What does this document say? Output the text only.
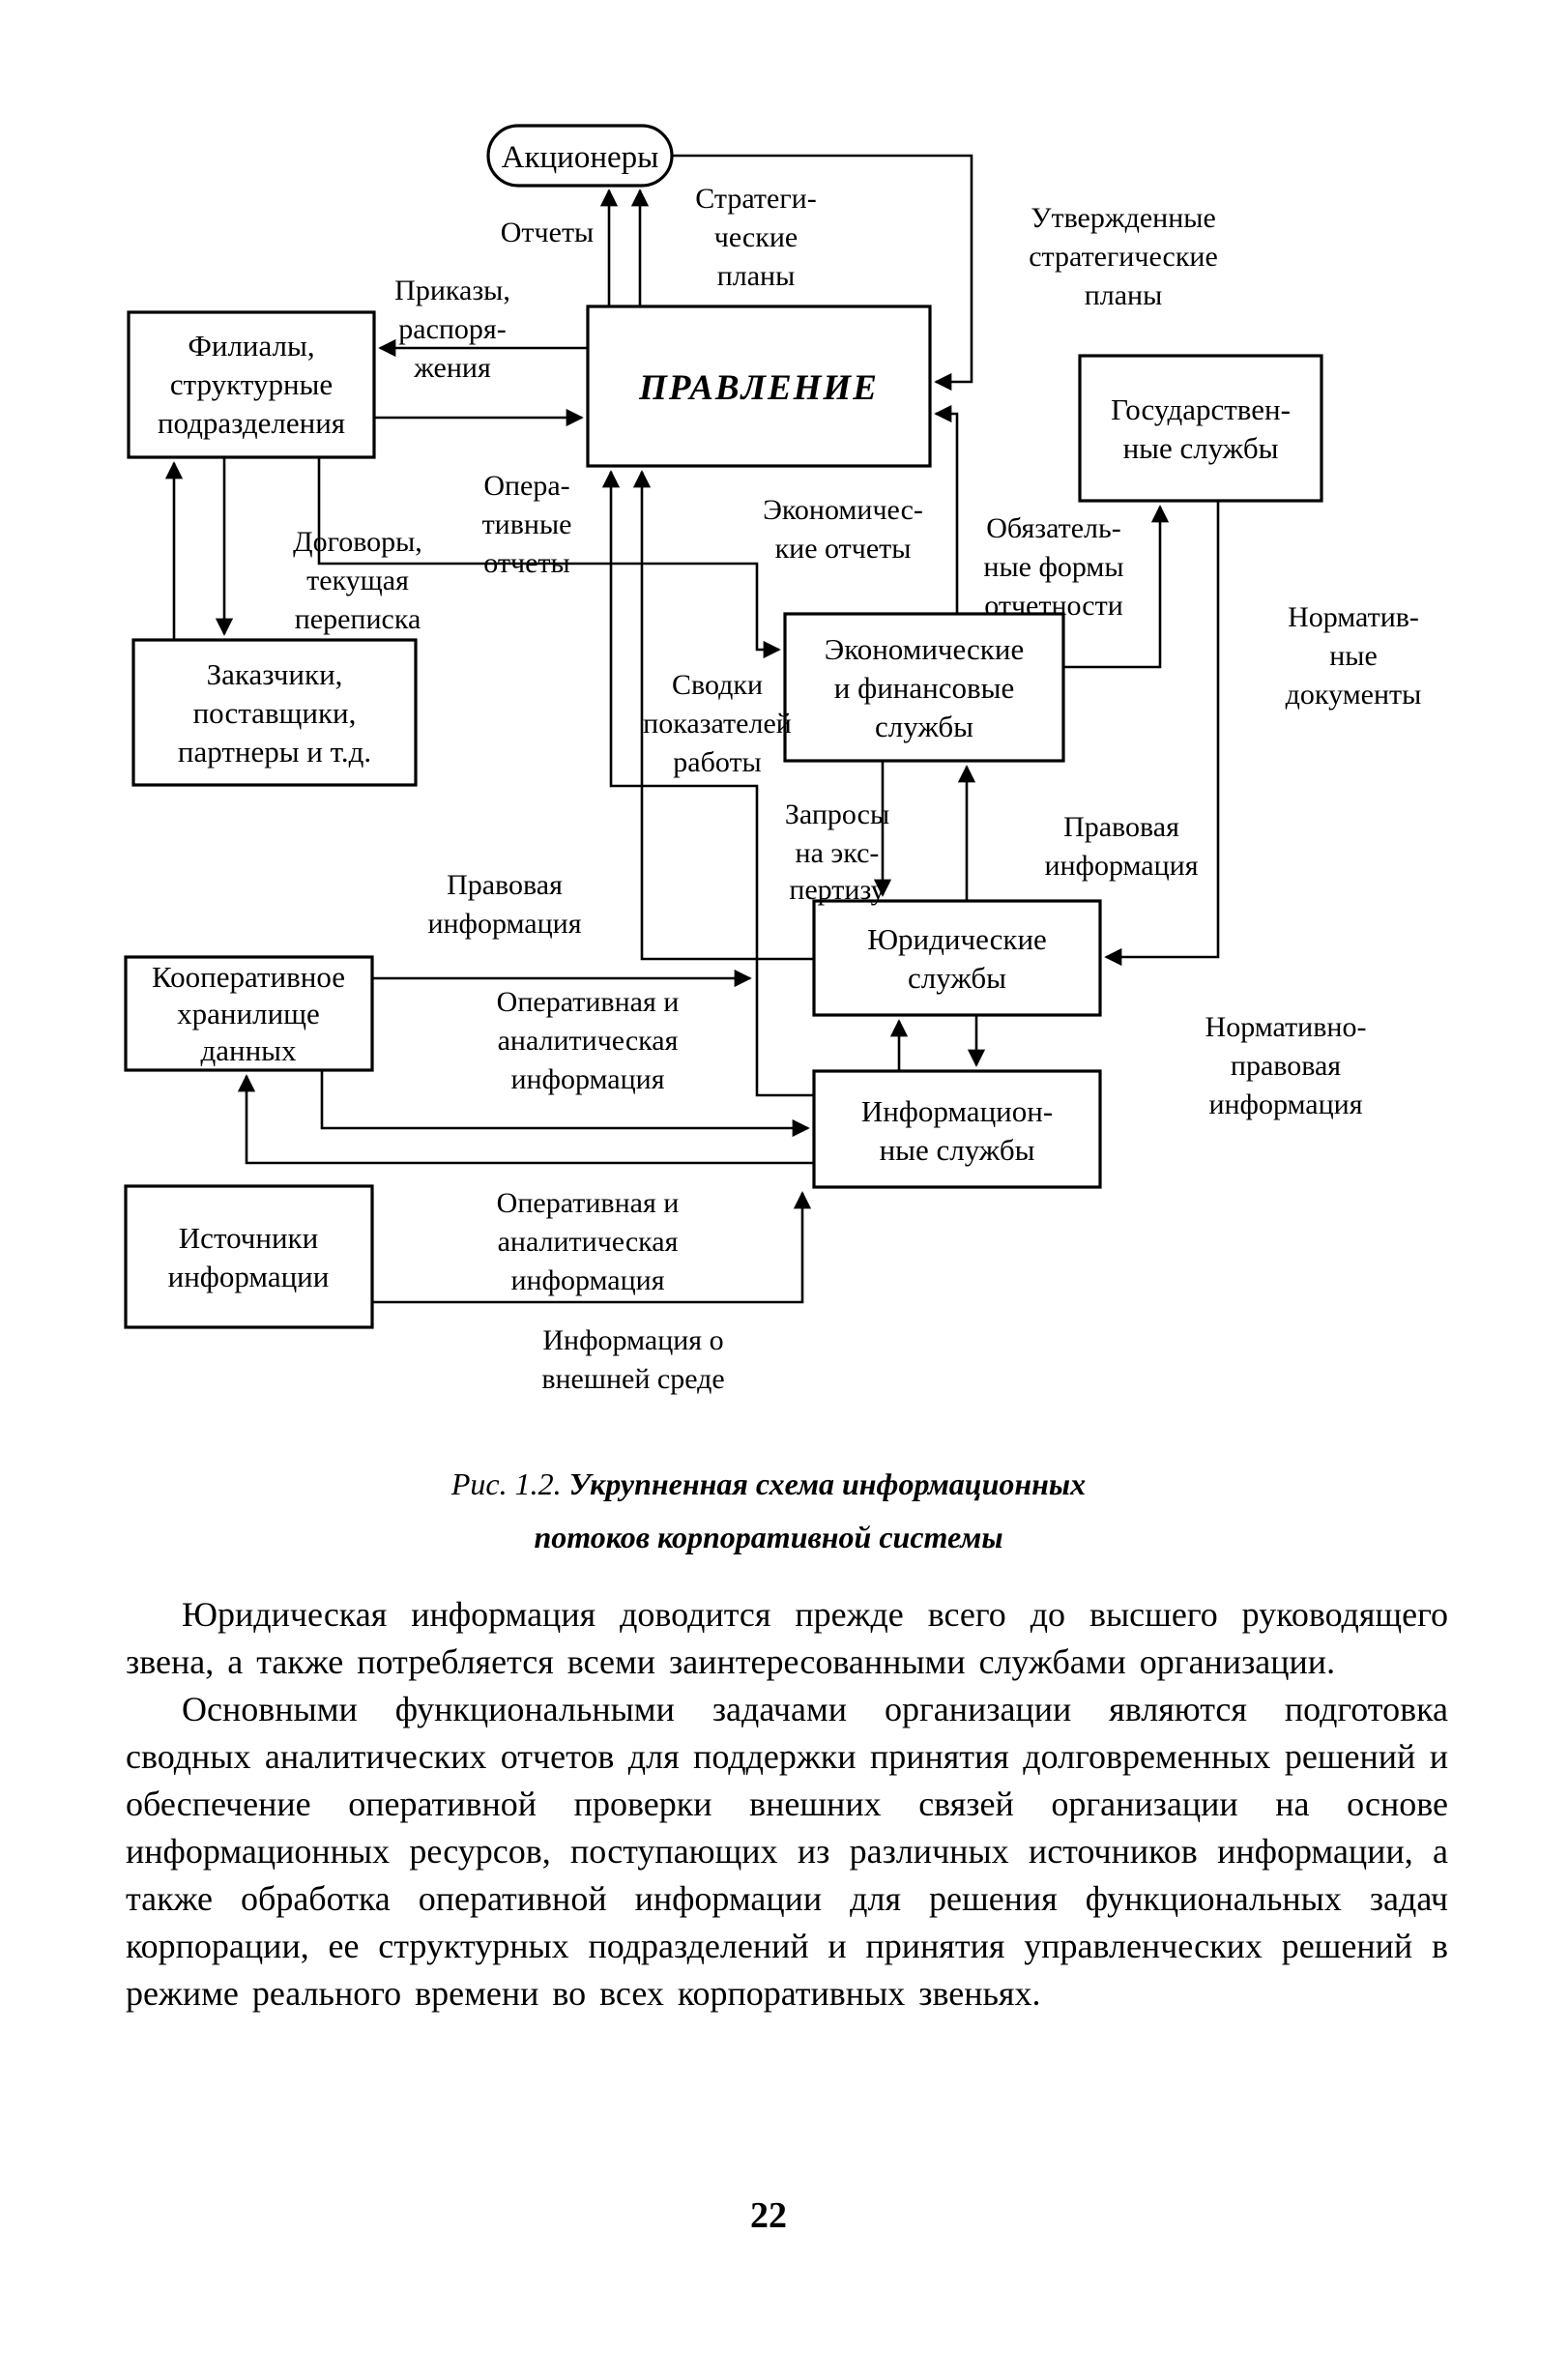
Акционеры
ПРАВЛЕНИЕ
Филиалы,
структурные
подразделения	Государствен-
ные службы
Заказчики,
поставщики,
партнеры и т.д.
Экономические
и финансовые
службы
Юридические
службы
Информацион-
ные службы
Кооперативное
хранилище
данных
Источники
информации
Отчеты
Стратеги-
ческие
планы
Утвержденные
стратегические
планы
Приказы,
распоря-
жения
Опера-
тивные
отчеты
Экономичес-
кие отчеты
Обязатель-
ные формы
отчетности	Норматив-
ные
документы
Договоры,
текущая
переписка
Сводки
показателей
работы
Запросы
на экс-
пертизу
Правовая
информация
Правовая
информация
Нормативно-
правовая
информация
Оперативная и
аналитическая
информация
Оперативная и
аналитическая
информация
Информация о
внешней среде
Рис. 1.2. Укрупненная схема информационных
потоков корпоративной системы

Юридическая информация доводится прежде всего до высшего руководящего звена, а также потребляется всеми заинтересованными службами организации.

Основными функциональными задачами организации являются подготовка сводных аналитических отчетов для поддержки принятия долговременных решений и обеспечение оперативной проверки внешних связей организации на основе информационных ресурсов, поступающих из различных источников информации, а также обработка оперативной информации для решения функциональных задач корпорации, ее структурных подразделений и принятия управленческих решений в режиме реального времени во всех корпоративных звеньях.

22
